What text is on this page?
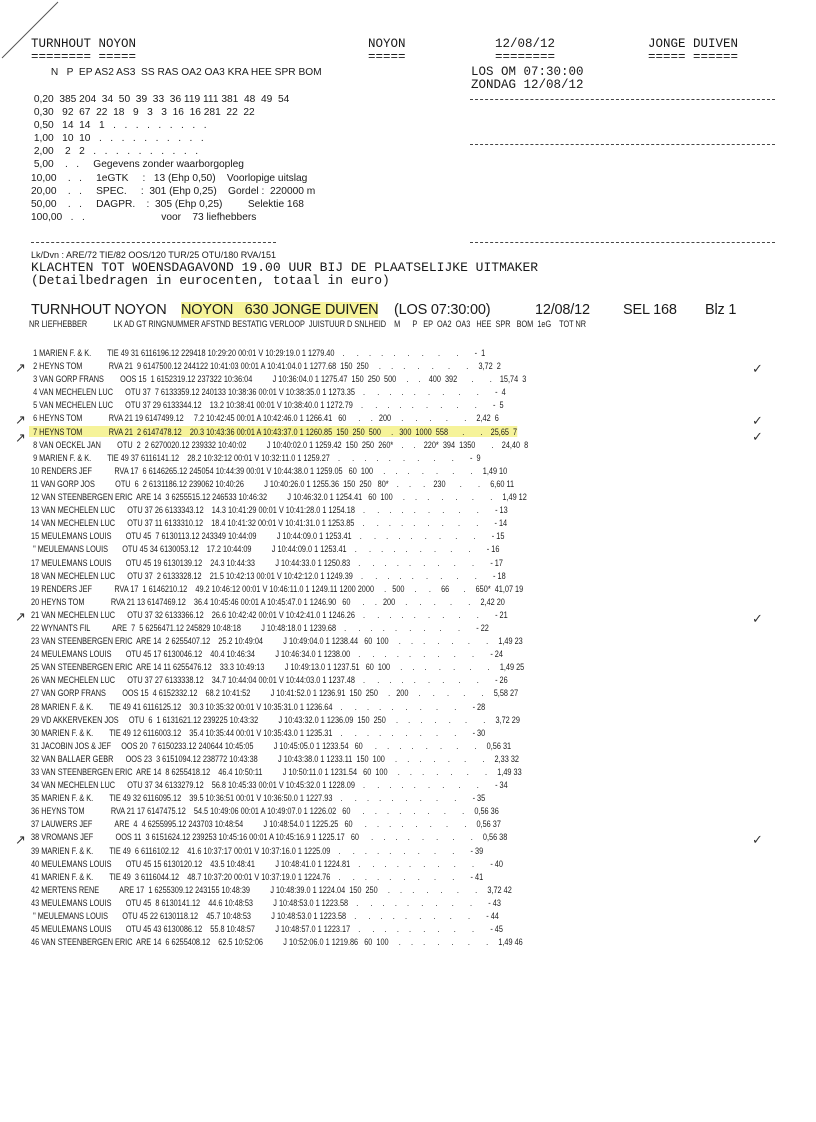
TURNHOUT NOYON
======== =====
NOYON
=====
12/08/12
========
JONGE DUIVEN
===== ======
N   P  EP AS2 AS3  SS RAS OA2 OA3 KRA HEE SPR BOM	LOS OM 07:30:00
ZONDAG 12/08/12
0,20  385 204  34  50  39  33  36 119 111 381  48  49  54
0,30   92  67  22  18   9   3   3  16  16 281  22  22
0,50   14  14   1   .   .   .   .   .   .   .   .   .
1,00   10  10   .   .   .   .   .   .   .   .   .   .
2,00    2   2   .   .   .   .   .   .   .   .   .   .
5,00    .   .     Gegevens zonder waarborgopleg
10,00    .   .     1eGTK     :   13 (Ehp 0,50)    Voorlopige uitslag
20,00    .   .     SPEC.     :  301 (Ehp 0,25)    Gordel :  220000 m
50,00    .   .     DAGPR.    :  305 (Ehp 0,25)         Selektie 168
100,00   .   .                           voor    73 liefhebbers
Lk/Dvn : ARE/72 TIE/82 OOS/120 TUR/25 OTU/180 RVA/151
KLACHTEN TOT WOENSDAGAVOND 19.00 UUR BIJ DE PLAATSELIJKE UITMAKER
(Detailbedragen in eurocenten, totaal in euro)
TURNHOUT NOYON NOYON   630 JONGE DUIVEN (LOS 07:30:00)	12/08/12 SEL 168 Blz 1
NR LIEFHEBBER             LK AD GT RINGNUMMER AFSTND BESTATIG VERLOOP  JUISTUUR D SNLHEID    M      P   EP  OA2  OA3   HEE  SPR   BOM  1eG    TOT NR
1 MARIEN F. & K.        TIE 49 31 6116196.12 229418 10:29:20 00:01 V 10:29:19.0 1 1279.40    .      .     .     .     .      .      .       .        .        -  1
2 HEYNS TOM             RVA 21  9 6147500.12 244122 10:41:03 00:01 A 10:41:04.0 1 1277.68  150  250     .     .     .      .      .       .        .     3,72  2
3 VAN GORP FRANS        OOS 15  1 6152319.12 237322 10:36:04          J 10:36:04.0 1 1275.47  150  250  500     .     .    400  392       .        .    15,74  3
4 VAN MECHELEN LUC      OTU 37  7 6133359.12 240133 10:38:36 00:01 V 10:38:35.0 1 1273.35    .      .     .     .     .      .      .       .        .        -  4
5 VAN MECHELEN LUC      OTU 37 29 6133344.12    13.2 10:38:41 00:01 V 10:38:40.0 1 1272.79    .      .     .     .     .      .      .       .        .        -  5
6 HEYNS TOM             RVA 21 19 6147499.12     7.2 10:42:45 00:01 A 10:42:46.0 1 1266.41   60      .     .   200     .      .      .       .        .     2,42  6
7 HEYNS TOM             RVA 21  2 6147478.12    20.3 10:43:36 00:01 A 10:43:37.0 1 1260.85  150  250  500     .   300  1000  558       .        .    25,65  7
8 VAN OECKEL JAN        OTU  2  2 6270020.12 239332 10:40:02          J 10:40:02.0 1 1259.42  150  250  260*    .     .    220*  394  1350        .    24,40  8
9 MARIEN F. & K.        TIE 49 37 6116141.12    28.2 10:32:12 00:01 V 10:32:11.0 1 1259.27    .      .     .     .     .      .      .       .        .        -  9
10 RENDERS JEF           RVA 17  6 6146265.12 245054 10:44:39 00:01 V 10:44:38.0 1 1259.05   60  100     .     .     .      .      .       .        .     1,49 10
11 VAN GORP JOS          OTU  6  2 6131186.12 239062 10:40:26          J 10:40:26.0 1 1255.36  150  250   80*    .     .      .    230       .        .     6,60 11
12 VAN STEENBERGEN ERIC  ARE 14  3 6255515.12 246533 10:46:32          J 10:46:32.0 1 1254.41   60  100     .     .     .      .      .       .        .     1,49 12
13 VAN MECHELEN LUC      OTU 37 26 6133343.12    14.3 10:41:29 00:01 V 10:41:28.0 1 1254.18    .      .     .     .     .      .      .       .        .        - 13
14 VAN MECHELEN LUC      OTU 37 11 6133310.12    18.4 10:41:32 00:01 V 10:41:31.0 1 1253.85    .      .     .     .     .      .      .       .        .        - 14
15 MEULEMANS LOUIS       OTU 45  7 6130113.12 243349 10:44:09          J 10:44:09.0 1 1253.41    .      .     .     .     .      .      .       .        .        - 15
" MEULEMANS LOUIS       OTU 45 34 6130053.12    17.2 10:44:09          J 10:44:09.0 1 1253.41    .      .     .     .     .      .      .       .        .        - 16
17 MEULEMANS LOUIS       OTU 45 19 6130139.12    24.3 10:44:33          J 10:44:33.0 1 1250.83    .      .     .     .     .      .      .       .        .        - 17
18 VAN MECHELEN LUC      OTU 37  2 6133328.12    21.5 10:42:13 00:01 V 10:42:12.0 1 1249.39    .      .     .     .     .      .      .       .        .        - 18
19 RENDERS JEF           RVA 17  1 6146210.12    49.2 10:46:12 00:01 V 10:46:11.0 1 1249.11 1200 2000     .   500     .      .     66       .     650*  41,07 19
20 HEYNS TOM             RVA 21 13 6147469.12    36.4 10:45:46 00:01 A 10:45:47.0 1 1246.90   60      .     .   200     .      .      .       .        .     2,42 20
21 VAN MECHELEN LUC      OTU 37 32 6133366.12    26.6 10:42:42 00:01 V 10:42:41.0 1 1246.26    .      .     .     .     .      .      .       .        .        - 21
22 WYNANTS FIL           ARE  7  5 6256471.12 245829 10:48:18          J 10:48:18.0 1 1239.68    .      .     .     .     .      .      .       .        .        - 22
23 VAN STEENBERGEN ERIC  ARE 14  2 6255407.12    25.2 10:49:04          J 10:49:04.0 1 1238.44   60  100     .     .     .      .      .       .        .     1,49 23
24 MEULEMANS LOUIS       OTU 45 17 6130046.12    40.4 10:46:34          J 10:46:34.0 1 1238.00    .      .     .     .     .      .      .       .        .        - 24
25 VAN STEENBERGEN ERIC  ARE 14 11 6255476.12    33.3 10:49:13          J 10:49:13.0 1 1237.51   60  100     .     .     .      .      .       .        .     1,49 25
26 VAN MECHELEN LUC      OTU 37 27 6133338.12    34.7 10:44:04 00:01 V 10:44:03.0 1 1237.48    .      .     .     .     .      .      .       .        .        - 26
27 VAN GORP FRANS        OOS 15  4 6152332.12    68.2 10:41:52          J 10:41:52.0 1 1236.91  150  250     .   200     .      .      .       .        .     5,58 27
28 MARIEN F. & K.        TIE 49 41 6116125.12    30.3 10:35:32 00:01 V 10:35:31.0 1 1236.64    .      .     .     .     .      .      .       .        .        - 28
29 VD AKKERVEKEN JOS     OTU  6  1 6131621.12 239225 10:43:32          J 10:43:32.0 1 1236.09  150  250     .     .     .      .      .       .        .     3,72 29
30 MARIEN F. & K.        TIE 49 12 6116003.12    35.4 10:35:44 00:01 V 10:35:43.0 1 1235.31    .      .     .     .     .      .      .       .        .        - 30
31 JACOBIN JOS & JEF     OOS 20  7 6150233.12 240644 10:45:05          J 10:45:05.0 1 1233.54   60      .     .     .     .      .      .       .        .     0,56 31
32 VAN BALLAER GEBR      OOS 23  3 6151094.12 238772 10:43:38          J 10:43:38.0 1 1233.11  150  100     .     .     .      .      .       .        .     2,33 32
33 VAN STEENBERGEN ERIC  ARE 14  8 6255418.12    46.4 10:50:11          J 10:50:11.0 1 1231.54   60  100     .     .     .      .      .       .        .     1,49 33
34 VAN MECHELEN LUC      OTU 37 34 6133279.12    56.8 10:45:33 00:01 V 10:45:32.0 1 1228.09    .      .     .     .     .      .      .       .        .        - 34
35 MARIEN F. & K.        TIE 49 32 6116095.12    39.5 10:36:51 00:01 V 10:36:50.0 1 1227.93    .      .     .     .     .      .      .       .        .        - 35
36 HEYNS TOM             RVA 21 17 6147475.12    54.5 10:49:06 00:01 A 10:49:07.0 1 1226.02   60      .     .     .     .      .      .       .        .     0,56 36
37 LAUWERS JEF           ARE  4  4 6255995.12 243703 10:48:54          J 10:48:54.0 1 1225.25   60      .     .     .     .      .      .       .        .     0,56 37
38 VROMANS JEF           OOS 11  3 6151624.12 239253 10:45:16 00:01 A 10:45:16.9 1 1225.17   60      .     .     .     .      .      .       .        .     0,56 38
39 MARIEN F. & K.        TIE 49  6 6116102.12    41.6 10:37:17 00:01 V 10:37:16.0 1 1225.09    .      .     .     .     .      .      .       .        .        - 39
40 MEULEMANS LOUIS       OTU 45 15 6130120.12    43.5 10:48:41          J 10:48:41.0 1 1224.81    .      .     .     .     .      .      .       .        .        - 40
41 MARIEN F. & K.        TIE 49  3 6116044.12    48.7 10:37:20 00:01 V 10:37:19.0 1 1224.76    .      .     .     .     .      .      .       .        .        - 41
42 MERTENS RENE          ARE 17  1 6255309.12 243155 10:48:39          J 10:48:39.0 1 1224.04  150  250     .     .     .      .      .       .        .     3,72 42
43 MEULEMANS LOUIS       OTU 45  8 6130141.12    44.6 10:48:53          J 10:48:53.0 1 1223.58    .      .     .     .     .      .      .       .        .        - 43
" MEULEMANS LOUIS       OTU 45 22 6130118.12    45.7 10:48:53          J 10:48:53.0 1 1223.58    .      .     .     .     .      .      .       .        .        - 44
45 MEULEMANS LOUIS       OTU 45 43 6130086.12    55.8 10:48:57          J 10:48:57.0 1 1223.17    .      .     .     .     .      .      .       .        .        - 45
46 VAN STEENBERGEN ERIC  ARE 14  6 6255408.12    62.5 10:52:06          J 10:52:06.0 1 1219.86   60  100     .     .     .      .      .       .        .     1,49 46
↗
↗
↗
↗
↗
✓
✓
✓
✓
✓
